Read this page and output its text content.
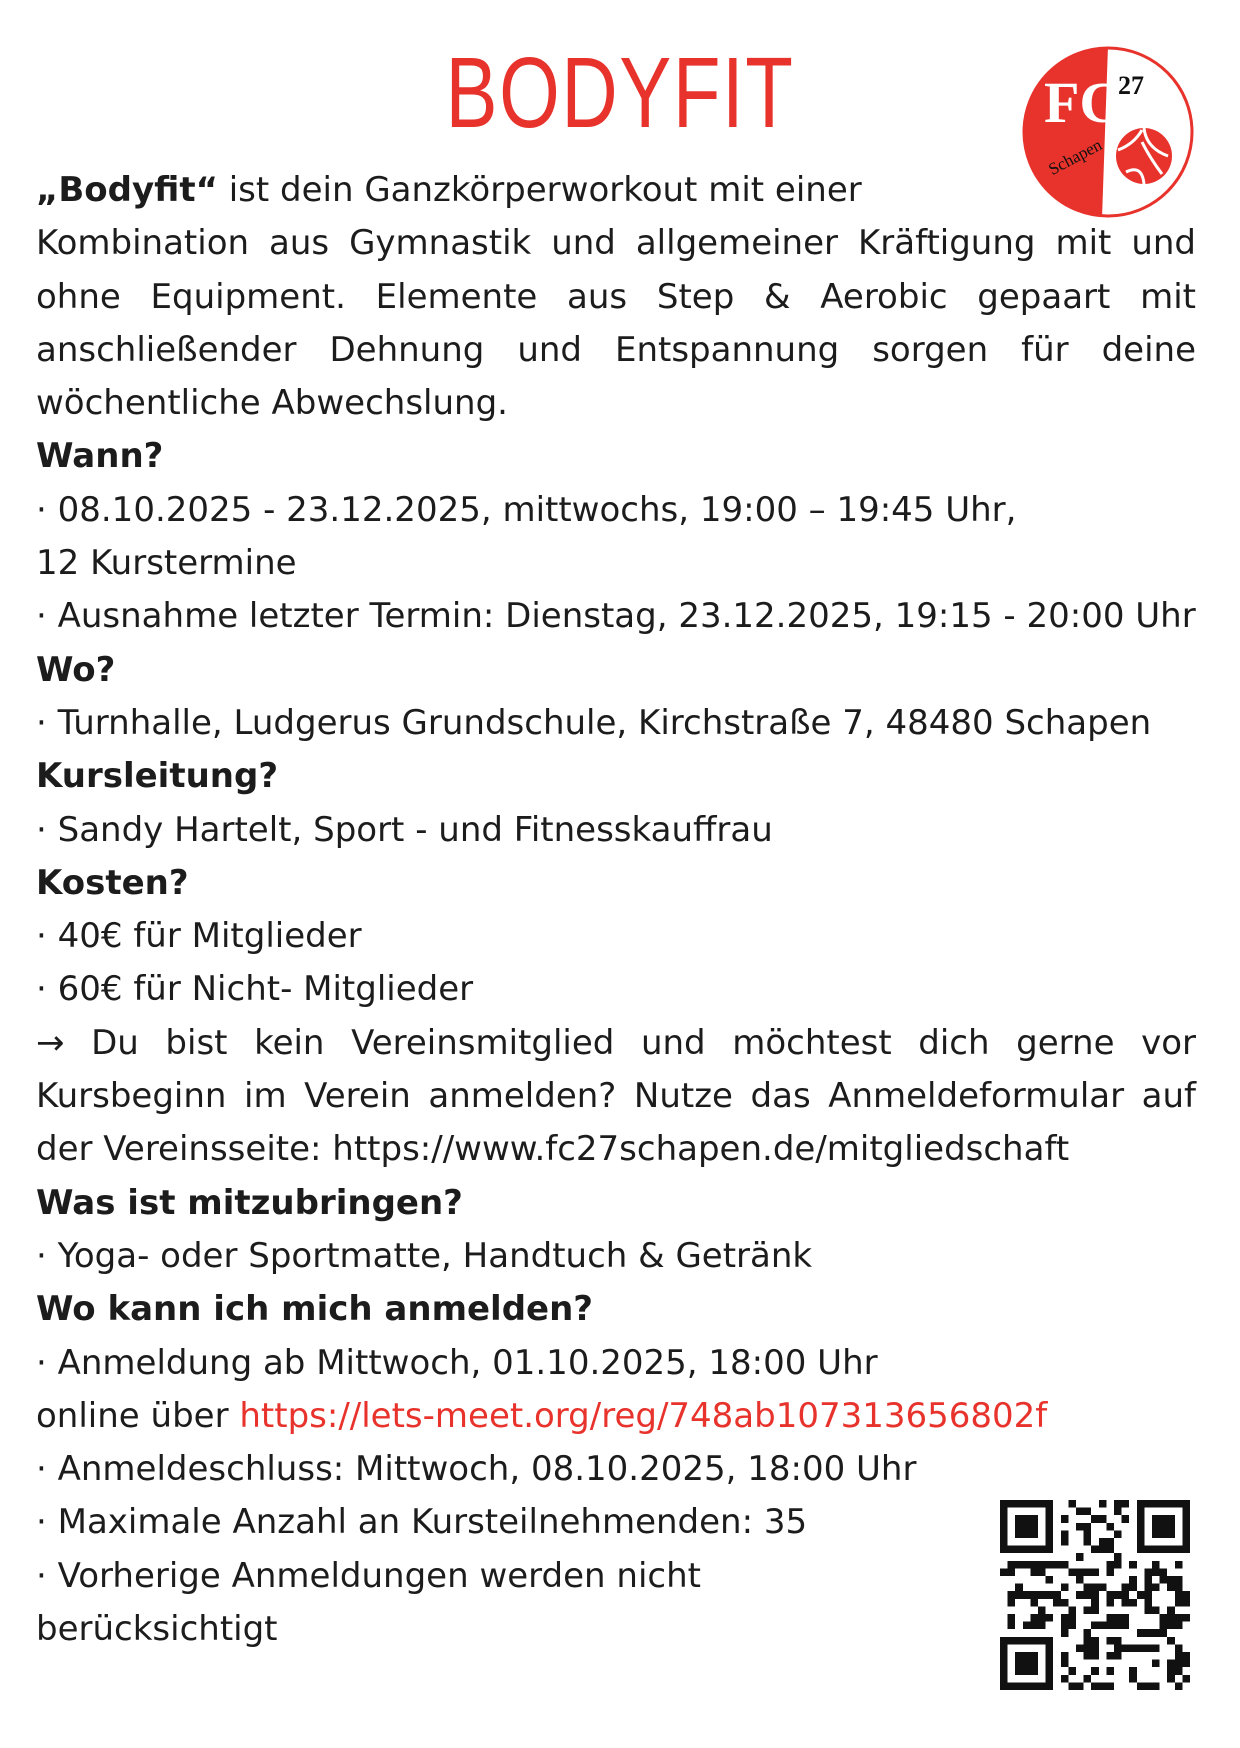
BODYFIT	FC
27
Schapen

„Bodyfit“ ist dein Ganzkörperworkout mit einer

Kombination aus Gymnastik und allgemeiner Kräftigung mit und ohne Equipment. Elemente aus Step & Aerobic gepaart mit anschließender Dehnung und Entspannung sorgen für deine wöchentliche Abwechslung.

Wann?

· 08.10.2025 - 23.12.2025, mittwochs, 19:00 – 19:45 Uhr,

12 Kurstermine

· Ausnahme letzter Termin: Dienstag, 23.12.2025, 19:15 - 20:00 Uhr

Wo?

· Turnhalle, Ludgerus Grundschule, Kirchstraße 7, 48480 Schapen

Kursleitung?

· Sandy Hartelt, Sport - und Fitnesskauffrau

Kosten?

· 40€ für Mitglieder

· 60€ für Nicht- Mitglieder

→ Du bist kein Vereinsmitglied und möchtest dich gerne vor Kursbeginn im Verein anmelden? Nutze das Anmeldeformular auf der Vereinsseite: https://www.fc27schapen.de/mitgliedschaft

Was ist mitzubringen?

· Yoga- oder Sportmatte, Handtuch & Getränk

Wo kann ich mich anmelden?

· Anmeldung ab Mittwoch, 01.10.2025, 18:00 Uhr

online über https://lets-meet.org/reg/748ab107313656802f

· Anmeldeschluss: Mittwoch, 08.10.2025, 18:00 Uhr

· Maximale Anzahl an Kursteilnehmenden: 35

· Vorherige Anmeldungen werden nicht

berücksichtigt
